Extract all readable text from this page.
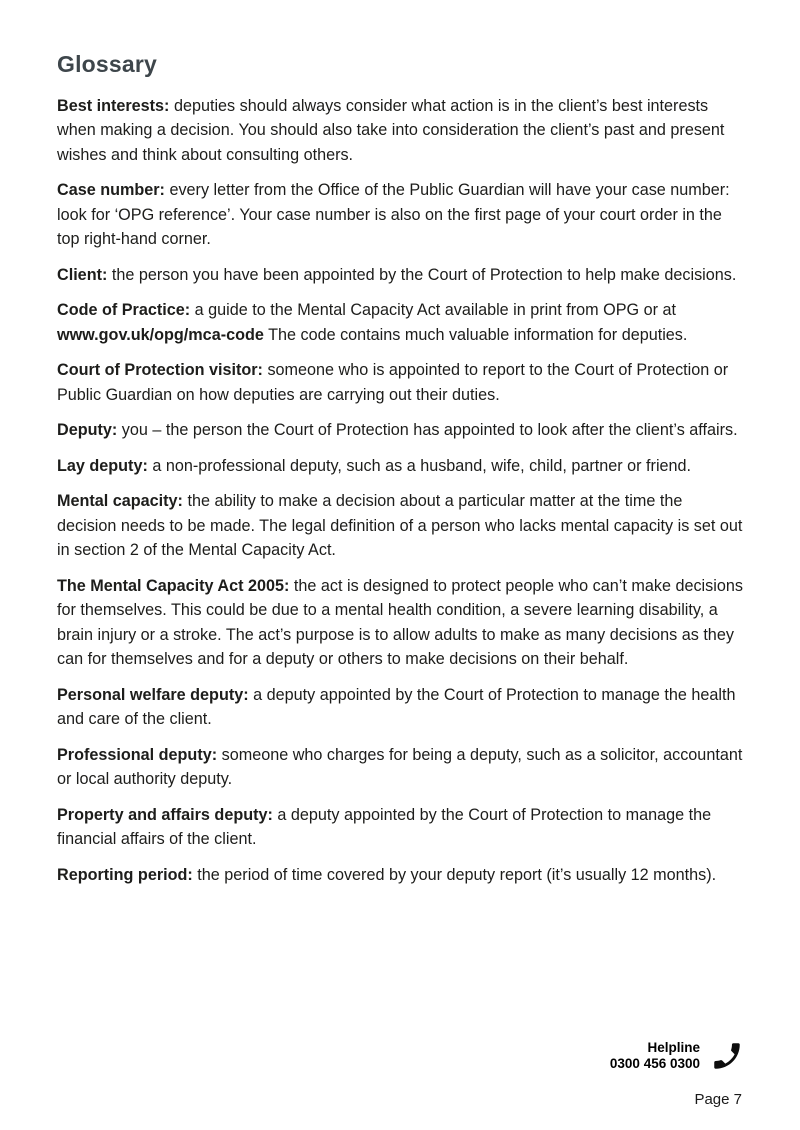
Glossary

Best interests: deputies should always consider what action is in the client’s best interests when making a decision. You should also take into consideration the client’s past and present wishes and think about consulting others.

Case number: every letter from the Office of the Public Guardian will have your case number: look for ‘OPG reference’. Your case number is also on the first page of your court order in the top right-hand corner.

Client: the person you have been appointed by the Court of Protection to help make decisions.

Code of Practice: a guide to the Mental Capacity Act available in print from OPG or at www.gov.uk/opg/mca-code The code contains much valuable information for deputies.

Court of Protection visitor: someone who is appointed to report to the Court of Protection or Public Guardian on how deputies are carrying out their duties.

Deputy: you – the person the Court of Protection has appointed to look after the client’s affairs.

Lay deputy: a non-professional deputy, such as a husband, wife, child, partner or friend.

Mental capacity: the ability to make a decision about a particular matter at the time the decision needs to be made. The legal definition of a person who lacks mental capacity is set out in section 2 of the Mental Capacity Act.

The Mental Capacity Act 2005: the act is designed to protect people who can’t make decisions for themselves. This could be due to a mental health condition, a severe learning disability, a brain injury or a stroke. The act’s purpose is to allow adults to make as many decisions as they can for themselves and for a deputy or others to make decisions on their behalf.

Personal welfare deputy: a deputy appointed by the Court of Protection to manage the health and care of the client.

Professional deputy: someone who charges for being a deputy, such as a solicitor, accountant or local authority deputy.

Property and affairs deputy: a deputy appointed by the Court of Protection to manage the financial affairs of the client.

Reporting period: the period of time covered by your deputy report (it’s usually 12 months).

Helpline
0300 456 0300
Page 7
